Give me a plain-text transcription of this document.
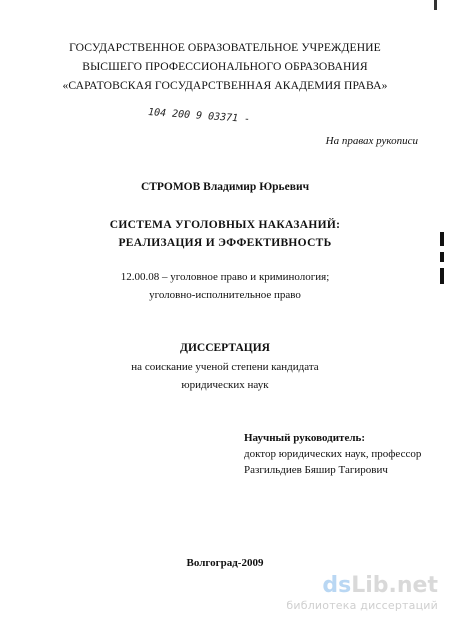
ГОСУДАРСТВЕННОЕ ОБРАЗОВАТЕЛЬНОЕ УЧРЕЖДЕНИЕ
ВЫСШЕГО ПРОФЕССИОНАЛЬНОГО ОБРАЗОВАНИЯ
«САРАТОВСКАЯ ГОСУДАРСТВЕННАЯ АКАДЕМИЯ ПРАВА»
104 200 9 03371 -
На правах рукописи
СТРОМОВ Владимир Юрьевич
СИСТЕМА УГОЛОВНЫХ НАКАЗАНИЙ:
РЕАЛИЗАЦИЯ И ЭФФЕКТИВНОСТЬ
12.00.08 – уголовное право и криминология;
уголовно-исполнительное право
ДИССЕРТАЦИЯ
на соискание ученой степени кандидата
юридических наук
Научный руководитель:
доктор юридических наук, профессор
Разгильдиев Бяшир Тагирович
Волгоград-2009
dsLib.net
библиотека диссертаций
